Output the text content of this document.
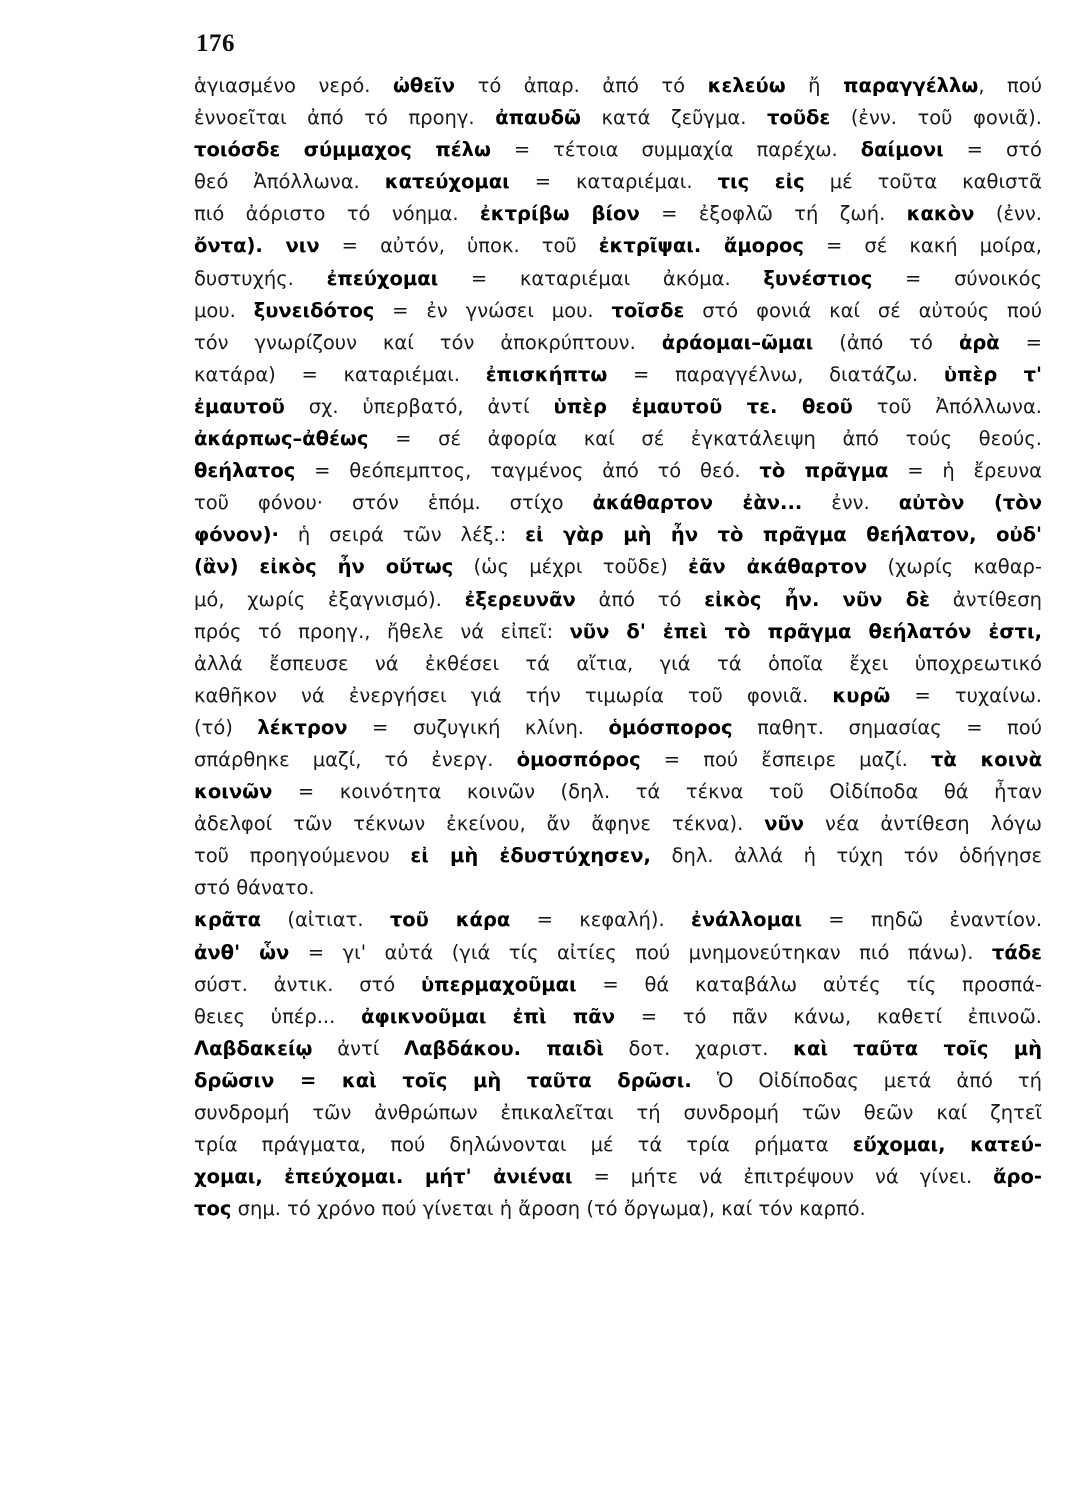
176
ἁγιασμένο νερό. ὠθεῖν τό ἀπαρ. ἀπό τό κελεύω ἤ παραγγέλλω, πού
ἐννοεῖται ἀπό τό προηγ. ἀπαυδῶ κατά ζεῦγμα. τοῦδε (ἐνν. τοῦ φονιᾶ).
τοιόσδε σύμμαχος πέλω = τέτοια συμμαχία παρέχω. δαίμονι = στό
θεό Ἀπόλλωνα. κατεύχομαι = καταριέμαι. τις εἰς μέ τοῦτα καθιστᾶ
πιό ἀόριστο τό νόημα. ἐκτρίβω βίον = ἐξοφλῶ τή ζωή. κακὸν (ἐνν.
ὄντα). νιν = αὐτόν, ὑποκ. τοῦ ἐκτρῖψαι. ἄμορος = σέ κακή μοίρα,
δυστυχής. ἐπεύχομαι = καταριέμαι ἀκόμα. ξυνέστιος = σύνοικός
μου. ξυνειδότος = ἐν γνώσει μου. τοῖσδε στό φονιά καί σέ αὐτούς πού
τόν γνωρίζουν καί τόν ἀποκρύπτουν. ἀράομαι–ῶμαι (ἀπό τό ἀρὰ =
κατάρα) = καταριέμαι. ἐπισκήπτω = παραγγέλνω, διατάζω. ὑπὲρ τ'
ἐμαυτοῦ σχ. ὑπερβατό, ἀντί ὑπὲρ ἐμαυτοῦ τε. θεοῦ τοῦ Ἀπόλλωνα.
ἀκάρπως–ἀθέως = σέ ἀφορία καί σέ ἐγκατάλειψη ἀπό τούς θεούς.
θεήλατος = θεόπεμπτος, ταγμένος ἀπό τό θεό. τὸ πρᾶγμα = ἡ ἔρευνα
τοῦ φόνου· στόν ἑπόμ. στίχο ἀκάθαρτον ἐὰν... ἐνν. αὐτὸν (τὸν
φόνον)· ἡ σειρά τῶν λέξ.: εἰ γὰρ μὴ ἦν τὸ πρᾶγμα θεήλατον, οὐδ'
(ἂν) εἰκὸς ἦν οὕτως (ὡς μέχρι τοῦδε) ἐᾶν ἀκάθαρτον (χωρίς καθαρ-
μό, χωρίς ἐξαγνισμό). ἐξερευνᾶν ἀπό τό εἰκὸς ἦν. νῦν δὲ ἀντίθεση
πρός τό προηγ., ἤθελε νά εἰπεῖ: νῦν δ' ἐπεὶ τὸ πρᾶγμα θεήλατόν ἐστι,
ἀλλά ἔσπευσε νά ἐκθέσει τά αἴτια, γιά τά ὁποῖα ἔχει ὑποχρεωτικό
καθῆκον νά ἐνεργήσει γιά τήν τιμωρία τοῦ φονιᾶ. κυρῶ = τυχαίνω.
(τό) λέκτρον = συζυγική κλίνη. ὁμόσπορος παθητ. σημασίας = πού
σπάρθηκε μαζί, τό ἐνεργ. ὁμοσπόρος = πού ἔσπειρε μαζί. τὰ κοινὰ
κοινῶν = κοινότητα κοινῶν (δηλ. τά τέκνα τοῦ Οἰδίποδα θά ἦταν
ἀδελφοί τῶν τέκνων ἐκείνου, ἄν ἄφηνε τέκνα). νῦν νέα ἀντίθεση λόγω
τοῦ προηγούμενου εἰ μὴ ἐδυστύχησεν, δηλ. ἀλλά ἡ τύχη τόν ὁδήγησε
στό θάνατο.
κρᾶτα (αἰτιατ. τοῦ κάρα = κεφαλή). ἐνάλλομαι = πηδῶ ἐναντίον.
ἀνθ' ὧν = γι' αὐτά (γιά τίς αἰτίες πού μνημονεύτηκαν πιό πάνω). τάδε
σύστ. ἀντικ. στό ὑπερμαχοῦμαι = θά καταβάλω αὐτές τίς προσπά-
θειες ὑπέρ... ἀφικνοῦμαι ἐπὶ πᾶν = τό πᾶν κάνω, καθετί ἐπινοῶ.
Λαβδακείῳ ἀντί Λαβδάκου. παιδὶ δοτ. χαριστ. καὶ ταῦτα τοῖς μὴ
δρῶσιν = καὶ τοῖς μὴ ταῦτα δρῶσι. Ὁ Οἰδίποδας μετά ἀπό τή
συνδρομή τῶν ἀνθρώπων ἐπικαλεῖται τή συνδρομή τῶν θεῶν καί ζητεῖ
τρία πράγματα, πού δηλώνονται μέ τά τρία ρήματα εὔχομαι, κατεύ-
χομαι, ἐπεύχομαι. μήτ' ἀνιέναι = μήτε νά ἐπιτρέψουν νά γίνει. ἄρο-
τος σημ. τό χρόνο πού γίνεται ἡ ἄροση (τό ὄργωμα), καί τόν καρπό.
